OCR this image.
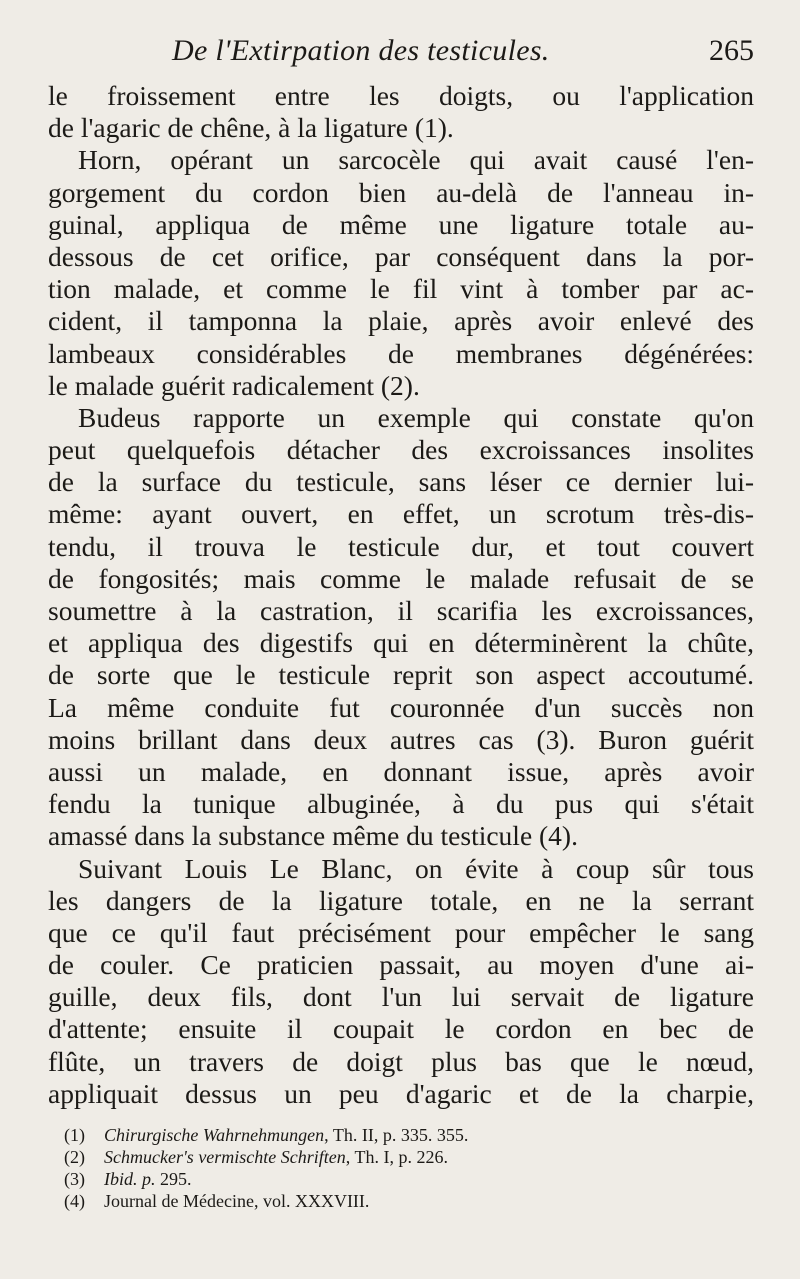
De l'Extirpation des testicules.	265
le froissement entre les doigts, ou l'application
de l'agaric de chêne, à la ligature (1).
Horn, opérant un sarcocèle qui avait causé l'en-
gorgement du cordon bien au-delà de l'anneau in-
guinal, appliqua de même une ligature totale au-
dessous de cet orifice, par conséquent dans la por-
tion malade, et comme le fil vint à tomber par ac-
cident, il tamponna la plaie, après avoir enlevé des
lambeaux considérables de membranes dégénérées:
le malade guérit radicalement (2).
Budeus rapporte un exemple qui constate qu'on
peut quelquefois détacher des excroissances insolites
de la surface du testicule, sans léser ce dernier lui-
même: ayant ouvert, en effet, un scrotum très-dis-
tendu, il trouva le testicule dur, et tout couvert
de fongosités; mais comme le malade refusait de se
soumettre à la castration, il scarifia les excroissances,
et appliqua des digestifs qui en déterminèrent la chûte,
de sorte que le testicule reprit son aspect accoutumé.
La même conduite fut couronnée d'un succès non
moins brillant dans deux autres cas (3). Buron guérit
aussi un malade, en donnant issue, après avoir
fendu la tunique albuginée, à du pus qui s'était
amassé dans la substance même du testicule (4).
Suivant Louis Le Blanc, on évite à coup sûr tous
les dangers de la ligature totale, en ne la serrant
que ce qu'il faut précisément pour empêcher le sang
de couler. Ce praticien passait, au moyen d'une ai-
guille, deux fils, dont l'un lui servait de ligature
d'attente; ensuite il coupait le cordon en bec de
flûte, un travers de doigt plus bas que le nœud,
appliquait dessus un peu d'agaric et de la charpie,
(1) Chirurgische Wahrnehmungen, Th. II, p. 335. 355.
(2) Schmucker's vermischte Schriften, Th. I, p. 226.
(3) Ibid. p. 295.
(4) Journal de Médecine, vol. XXXVIII.
